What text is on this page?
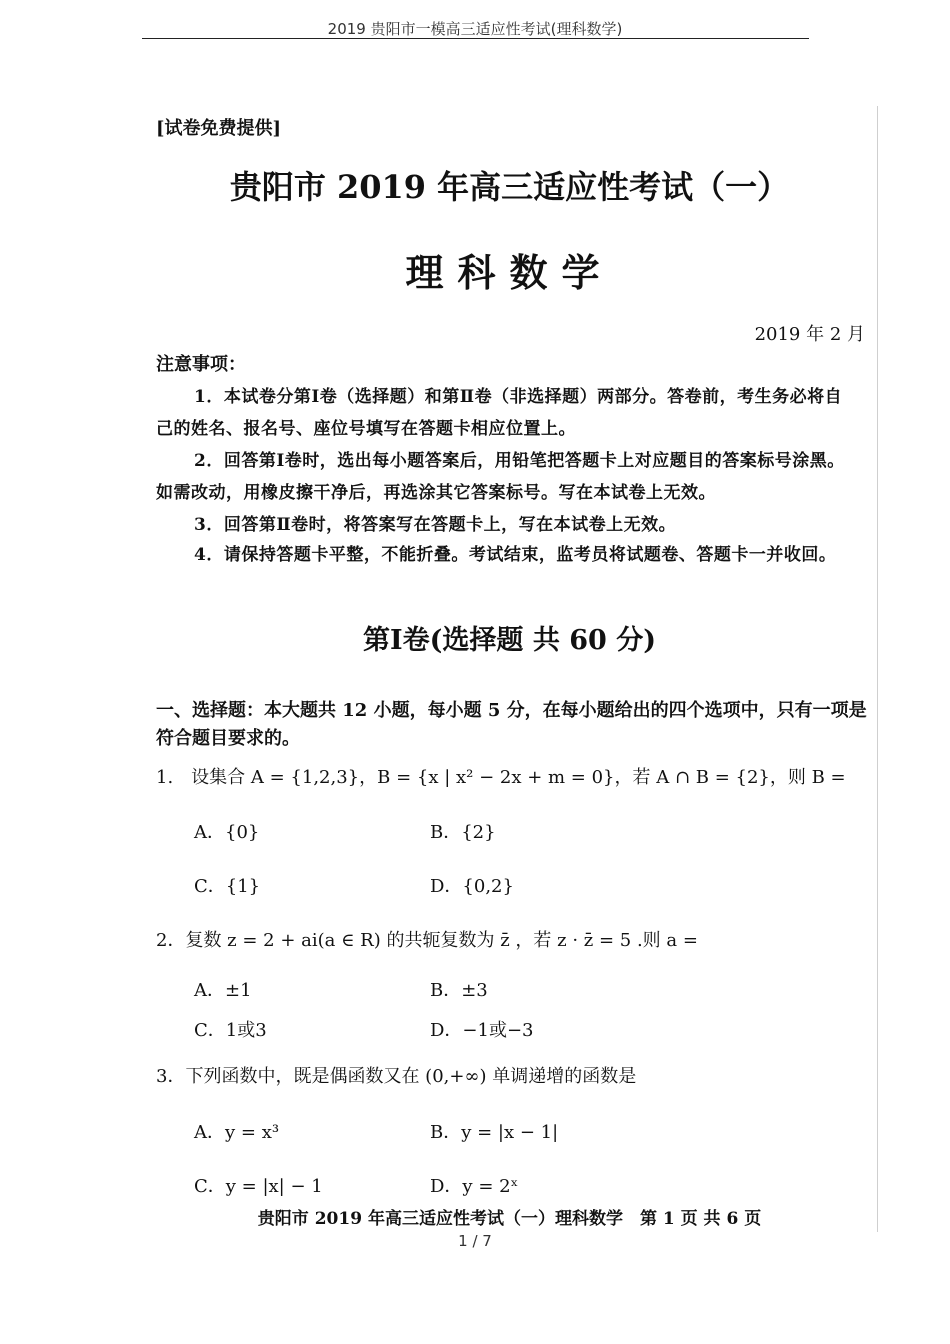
2019 贵阳市一模高三适应性考试(理科数学)
[试卷免费提供]
贵阳市 2019 年高三适应性考试（一）
理科数学
2019 年 2 月
注意事项：
1．本试卷分第Ⅰ卷（选择题）和第Ⅱ卷（非选择题）两部分。答卷前，考生务必将自
己的姓名、报名号、座位号填写在答题卡相应位置上。
2．回答第Ⅰ卷时，选出每小题答案后，用铅笔把答题卡上对应题目的答案标号涂黑。
如需改动，用橡皮擦干净后，再选涂其它答案标号。写在本试卷上无效。
3．回答第Ⅱ卷时，将答案写在答题卡上，写在本试卷上无效。
4．请保持答题卡平整，不能折叠。考试结束，监考员将试题卷、答题卡一并收回。
第Ⅰ卷(选择题 共 60 分)
一、选择题：本大题共 12 小题，每小题 5 分，在每小题给出的四个选项中，只有一项是
符合题目要求的。
1.　设集合 A = {1,2,3}，B = {x | x² − 2x + m = 0}，若 A ∩ B = {2}，则 B =
A．{0}	B．{2}
C．{1}	D．{0,2}
2．复数 z = 2 + ai(a ∈ R) 的共轭复数为 z̄ ，若 z · z̄ = 5 .则 a =
A．±1	B．±3
C．1或3	D．−1或−3
3．下列函数中，既是偶函数又在 (0,+∞) 单调递增的函数是
A．y = x³	B．y = |x − 1|
C．y = |x| − 1	D．y = 2ˣ
贵阳市 2019 年高三适应性考试（一）理科数学　第 1 页 共 6 页
1 / 7
